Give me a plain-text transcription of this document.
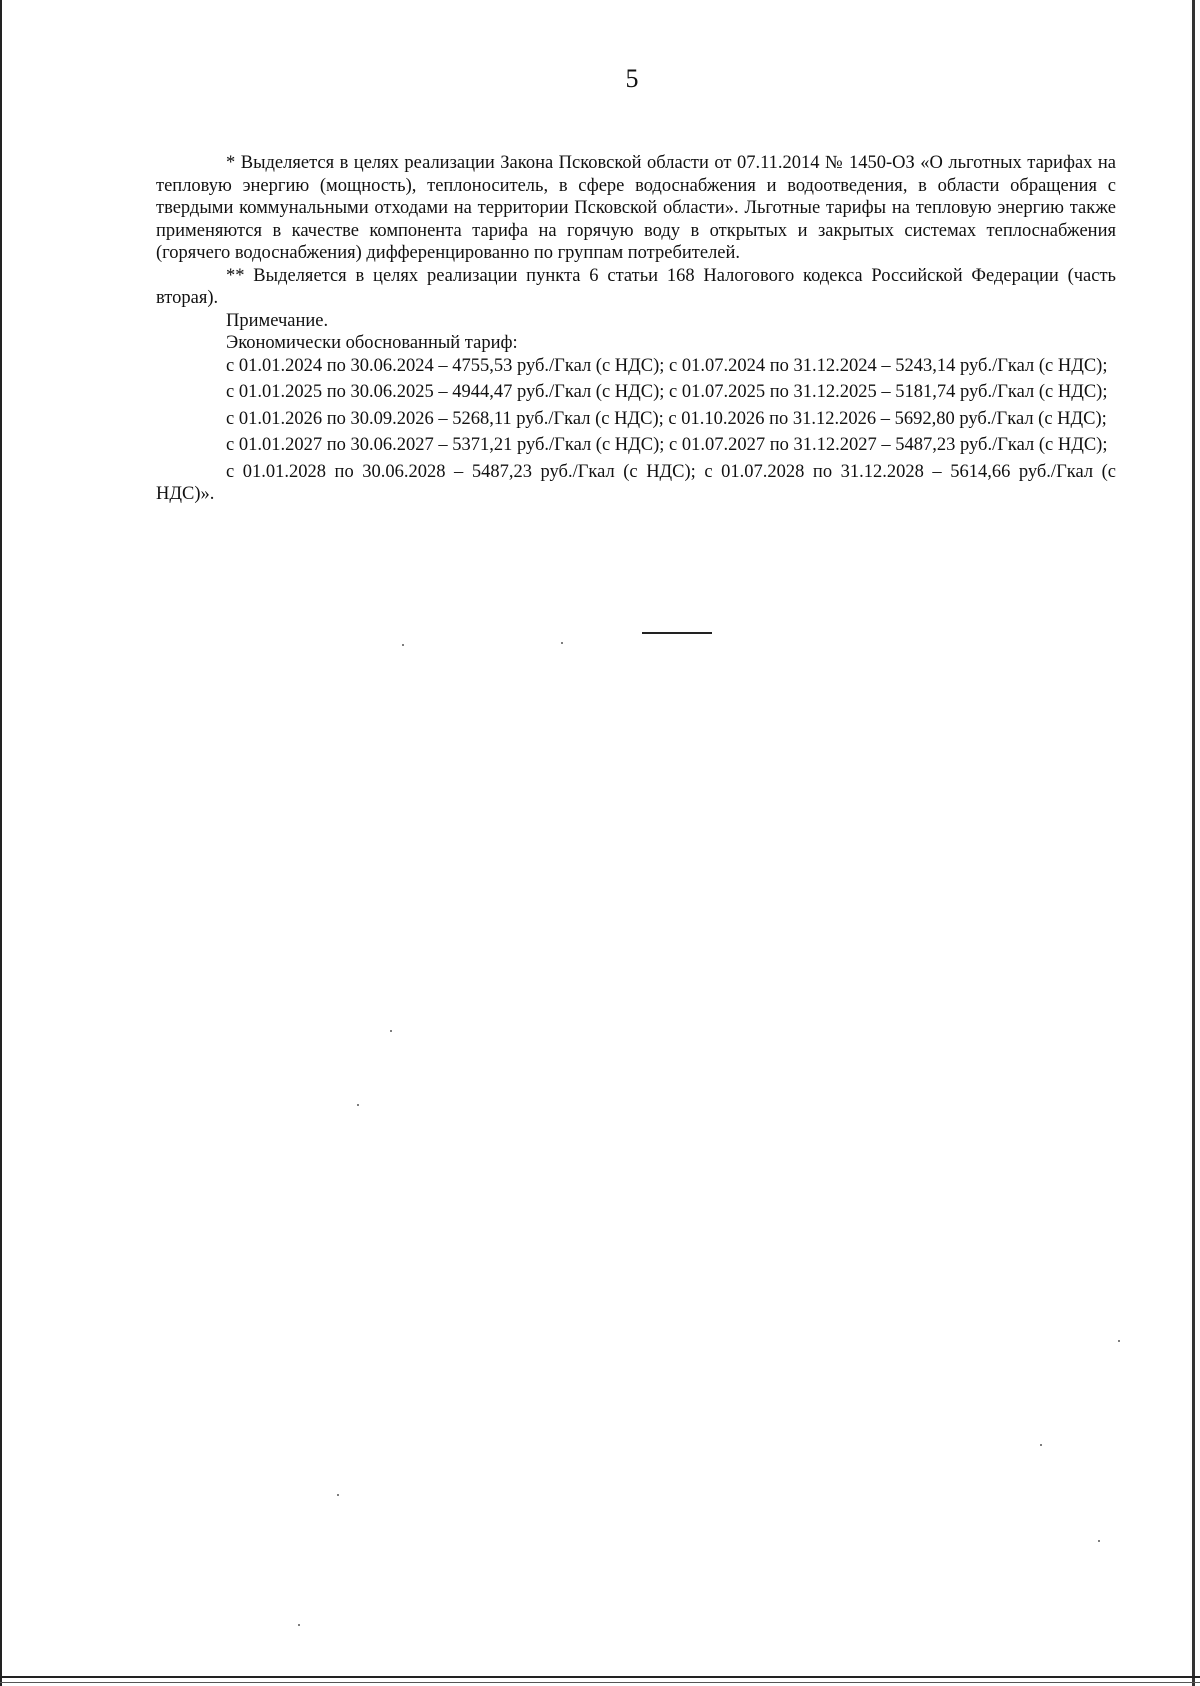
5

* Выделяется в целях реализации Закона Псковской области от 07.11.2014 № 1450-ОЗ «О льготных тарифах на тепловую энергию (мощность), теплоноситель, в сфере водоснабжения и водоотведения, в области обращения с твердыми коммунальными отходами на территории Псковской области». Льготные тарифы на тепловую энергию также применяются в качестве компонента тарифа на горячую воду в открытых и закрытых системах теплоснабжения (горячего водоснабжения) дифференцированно по группам потребителей.

** Выделяется в целях реализации пункта 6 статьи 168 Налогового кодекса Российской Федерации (часть вторая).

Примечание.

Экономически обоснованный тариф:

с 01.01.2024 по 30.06.2024 – 4755,53 руб./Гкал (с НДС); с 01.07.2024 по 31.12.2024 – 5243,14 руб./Гкал (с НДС);

с 01.01.2025 по 30.06.2025 – 4944,47 руб./Гкал (с НДС); с 01.07.2025 по 31.12.2025 – 5181,74 руб./Гкал (с НДС);

с 01.01.2026 по 30.09.2026 – 5268,11 руб./Гкал (с НДС); с 01.10.2026 по 31.12.2026 – 5692,80 руб./Гкал (с НДС);

с 01.01.2027 по 30.06.2027 – 5371,21 руб./Гкал (с НДС); с 01.07.2027 по 31.12.2027 – 5487,23 руб./Гкал (с НДС);

с 01.01.2028 по 30.06.2028 – 5487,23 руб./Гкал (с НДС); с 01.07.2028 по 31.12.2028 – 5614,66 руб./Гкал (с НДС)».
